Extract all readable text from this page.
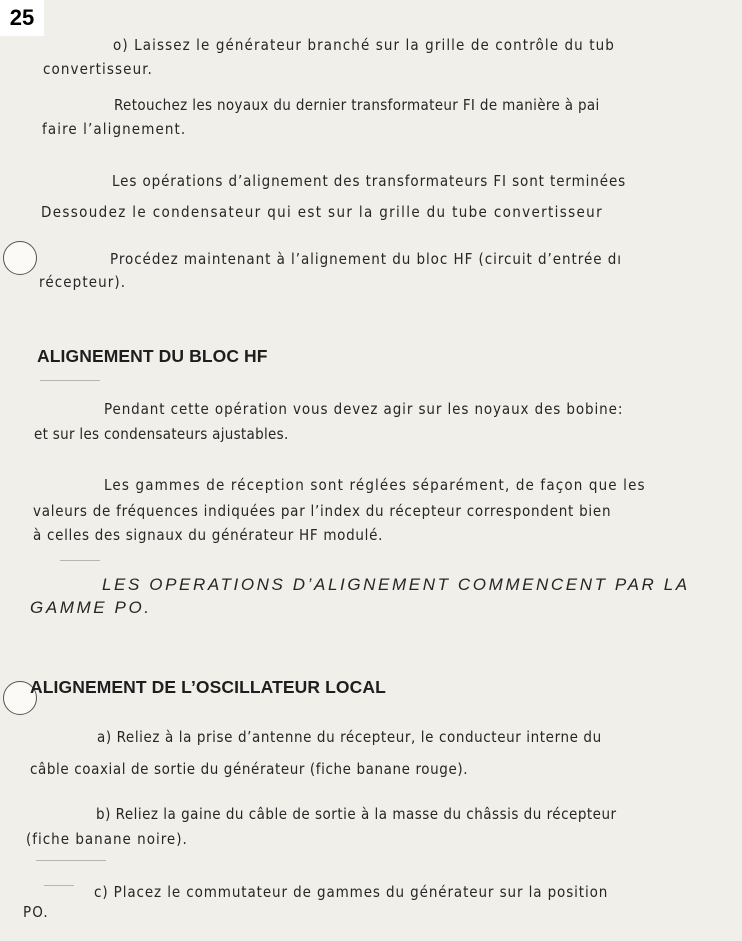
25
o) Laissez le générateur branché sur la grille de contrôle du tub
convertisseur.
Retouchez les noyaux du dernier transformateur FI de manière à pai
faire l’alignement.
Les opérations d’alignement des transformateurs FI sont terminées
Dessoudez le condensateur qui est sur la grille du tube convertisseur
Procédez maintenant à l’alignement du bloc HF (circuit d’entrée dı
récepteur).
ALIGNEMENT DU BLOC HF
Pendant cette opération vous devez agir sur les noyaux des bobine:
et sur les condensateurs ajustables.
Les gammes de réception sont réglées séparément, de façon que les
valeurs de fréquences indiquées par l’index du récepteur correspondent bien
à celles des signaux du générateur HF modulé.
LES OPERATIONS D’ALIGNEMENT COMMENCENT PAR LA
GAMME PO.
ALIGNEMENT DE L’OSCILLATEUR LOCAL
a) Reliez à la prise d’antenne du récepteur, le conducteur interne du
câble coaxial de sortie du générateur (fiche banane rouge).
b) Reliez la gaine du câble de sortie à la masse du châssis du récepteur
(fiche banane noire).
c) Placez le commutateur de gammes du générateur sur la position
PO.
